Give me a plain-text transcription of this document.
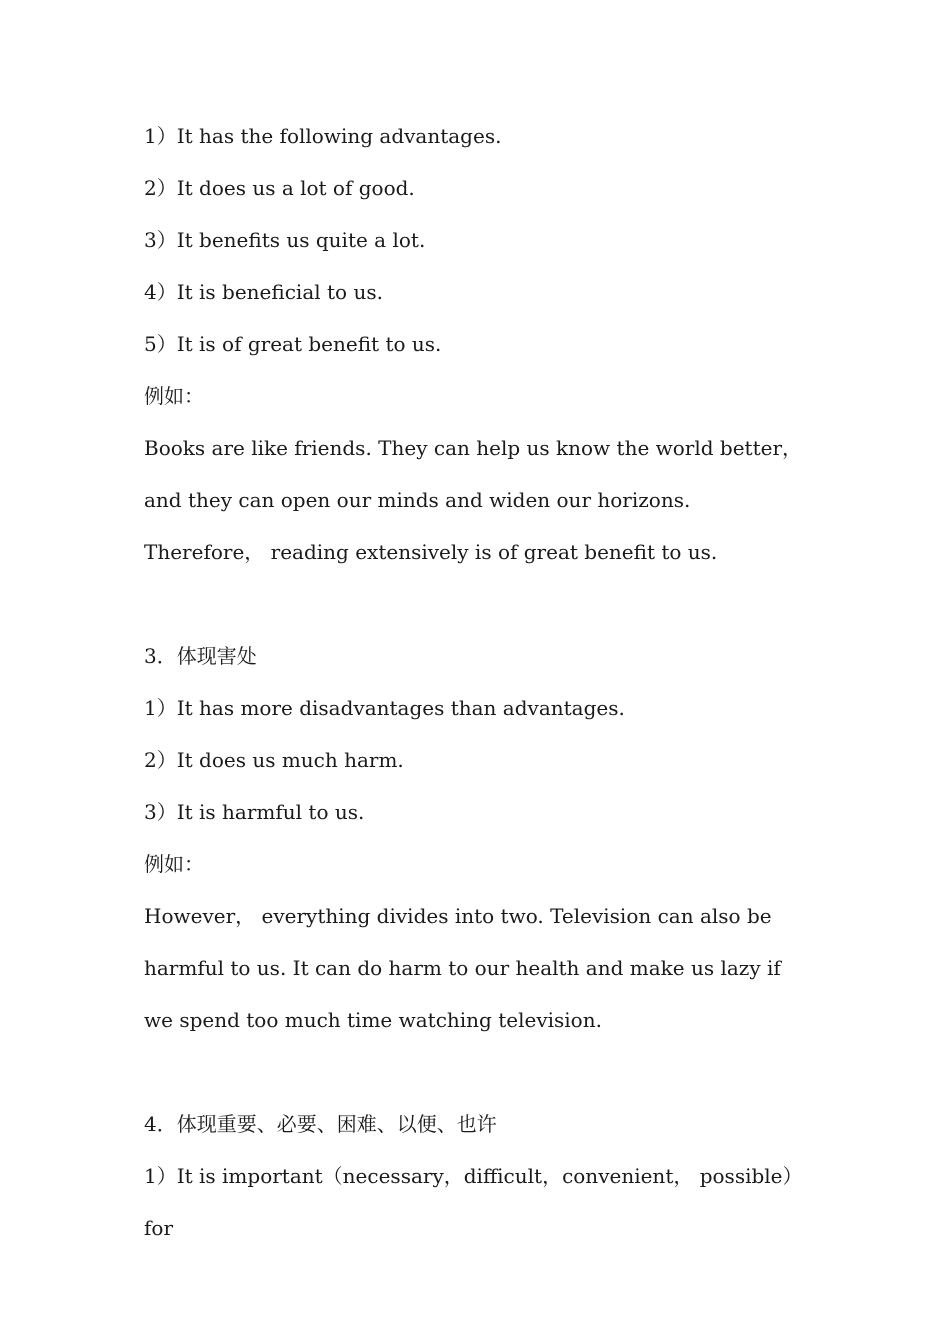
1）It has the following advantages.

2）It does us a lot of good.

3）It benefits us quite a lot.

4）It is beneficial to us.

5）It is of great benefit to us.

例如：

Books are like friends. They can help us know the world better， and they can open our minds and widen our horizons. Therefore， reading extensively is of great benefit to us.

3．体现害处

1）It has more disadvantages than advantages.

2）It does us much harm.

3）It is harmful to us.

例如：

However， everything divides into two. Television can also be harmful to us. It can do harm to our health and make us lazy if we spend too much time watching television.

4．体现重要、必要、困难、以便、也许

1）It is important（necessary，difficult，convenient， possible）for
